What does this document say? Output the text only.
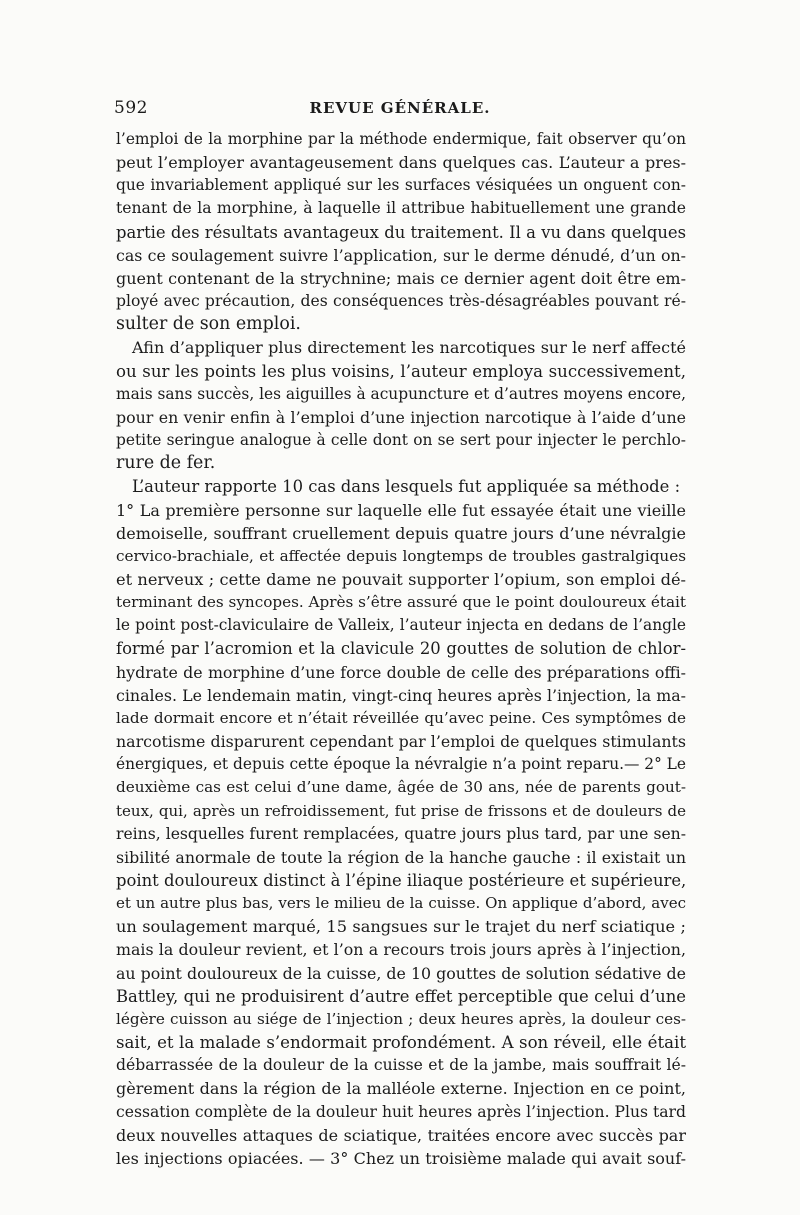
592	REVUE GÉNÉRALE.
l’emploi de la morphine par la méthode endermique, fait observer qu’on
peut l’employer avantageusement dans quelques cas. L’auteur a pres-
que invariablement appliqué sur les surfaces vésiquées un onguent con-
tenant de la morphine, à laquelle il attribue habituellement une grande
partie des résultats avantageux du traitement. Il a vu dans quelques
cas ce soulagement suivre l’application, sur le derme dénudé, d’un on-
guent contenant de la strychnine; mais ce dernier agent doit être em-
ployé avec précaution, des conséquences très-désagréables pouvant ré-
sulter de son emploi.
Afin d’appliquer plus directement les narcotiques sur le nerf affecté
ou sur les points les plus voisins, l’auteur employa successivement,
mais sans succès, les aiguilles à acupuncture et d’autres moyens encore,
pour en venir enfin à l’emploi d’une injection narcotique à l’aide d’une
petite seringue analogue à celle dont on se sert pour injecter le perchlo-
rure de fer.
L’auteur rapporte 10 cas dans lesquels fut appliquée sa méthode :
1° La première personne sur laquelle elle fut essayée était une vieille
demoiselle, souffrant cruellement depuis quatre jours d’une névralgie
cervico-brachiale, et affectée depuis longtemps de troubles gastralgiques
et nerveux ; cette dame ne pouvait supporter l’opium, son emploi dé-
terminant des syncopes. Après s’être assuré que le point douloureux était
le point post-claviculaire de Valleix, l’auteur injecta en dedans de l’angle
formé par l’acromion et la clavicule 20 gouttes de solution de chlor-
hydrate de morphine d’une force double de celle des préparations offi-
cinales. Le lendemain matin, vingt-cinq heures après l’injection, la ma-
lade dormait encore et n’était réveillée qu’avec peine. Ces symptômes de
narcotisme disparurent cependant par l’emploi de quelques stimulants
énergiques, et depuis cette époque la névralgie n’a point reparu.— 2° Le
deuxième cas est celui d’une dame, âgée de 30 ans, née de parents gout-
teux, qui, après un refroidissement, fut prise de frissons et de douleurs de
reins, lesquelles furent remplacées, quatre jours plus tard, par une sen-
sibilité anormale de toute la région de la hanche gauche : il existait un
point douloureux distinct à l’épine iliaque postérieure et supérieure,
et un autre plus bas, vers le milieu de la cuisse. On applique d’abord, avec
un soulagement marqué, 15 sangsues sur le trajet du nerf sciatique ;
mais la douleur revient, et l’on a recours trois jours après à l’injection,
au point douloureux de la cuisse, de 10 gouttes de solution sédative de
Battley, qui ne produisirent d’autre effet perceptible que celui d’une
légère cuisson au siége de l’injection ; deux heures après, la douleur ces-
sait, et la malade s’endormait profondément. A son réveil, elle était
débarrassée de la douleur de la cuisse et de la jambe, mais souffrait lé-
gèrement dans la région de la malléole externe. Injection en ce point,
cessation complète de la douleur huit heures après l’injection. Plus tard
deux nouvelles attaques de sciatique, traitées encore avec succès par
les injections opiacées. — 3° Chez un troisième malade qui avait souf-
